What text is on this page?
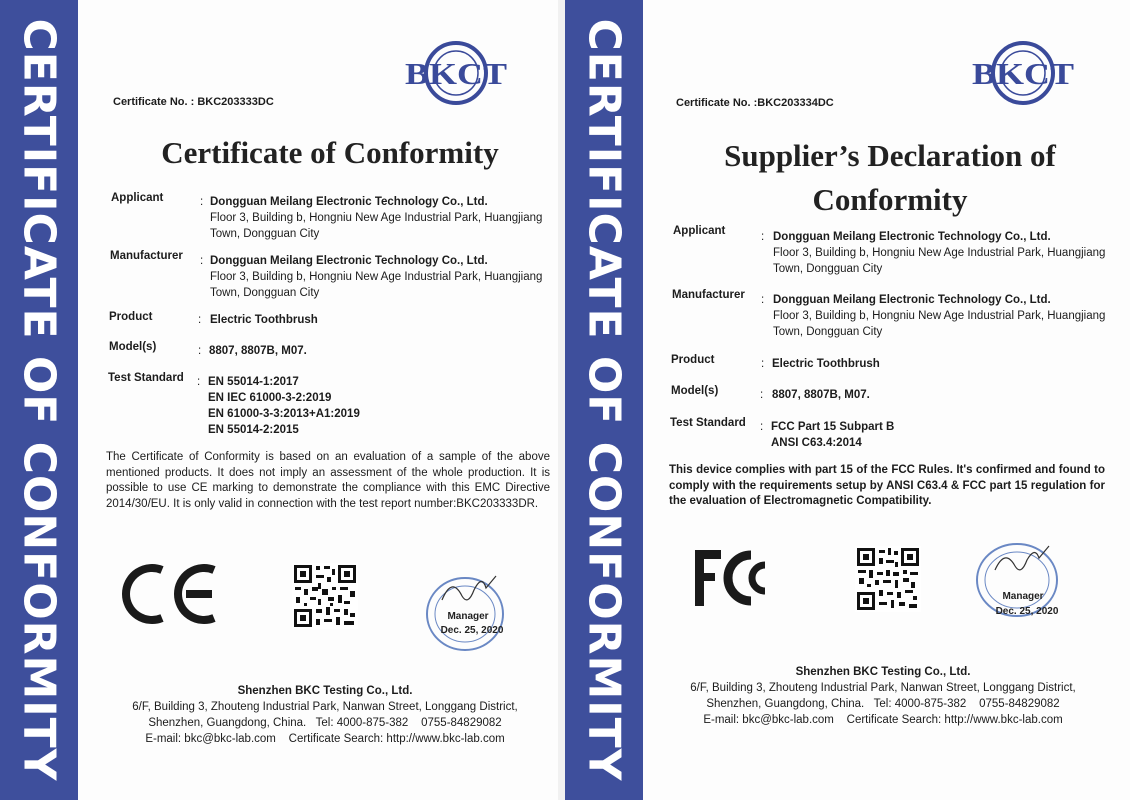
CERTIFICATE OF CONFORMITY	BKCT
Certificate No. : BKC203333DC
Certificate of Conformity
Applicant	: Dongguan Meilang Electronic Technology Co., Ltd.
Floor 3, Building b, Hongniu New Age Industrial Park, Huangjiang
Town, Dongguan City
Manufacturer : Dongguan Meilang Electronic Technology Co., Ltd.
Floor 3, Building b, Hongniu New Age Industrial Park, Huangjiang
Town, Dongguan City
Product	: Electric Toothbrush
Model(s)	: 8807, 8807B, M07.
Test Standard : EN 55014-1:2017
EN IEC 61000-3-2:2019
EN 61000-3-3:2013+A1:2019
EN 55014-2:2015
The Certificate of Conformity is based on an evaluation of a sample of the above mentioned products. It does not imply an assessment of the whole production. It is possible to use CE marking to demonstrate the compliance with this EMC Directive 2014/30/EU. It is only valid in connection with the test report number:BKC203333DR.
CE
Manager
Dec. 25, 2020
Shenzhen BKC Testing Co., Ltd.
6/F, Building 3, Zhouteng Industrial Park, Nanwan Street, Longgang District,
Shenzhen, Guangdong, China.   Tel: 4000-875-382    0755-84829082
E-mail: bkc@bkc-lab.com    Certificate Search: http://www.bkc-lab.com	CERTIFICATE OF CONFORMITY	BKCT
Certificate No. :BKC203334DC
Supplier’s Declaration of
Conformity
Applicant	: Dongguan Meilang Electronic Technology Co., Ltd.
Floor 3, Building b, Hongniu New Age Industrial Park, Huangjiang
Town, Dongguan City
Manufacturer : Dongguan Meilang Electronic Technology Co., Ltd.
Floor 3, Building b, Hongniu New Age Industrial Park, Huangjiang
Town, Dongguan City
Product	: Electric Toothbrush
Model(s)	: 8807, 8807B, M07.
Test Standard : FCC Part 15 Subpart B
ANSI C63.4:2014
This device complies with part 15 of the FCC Rules. It's confirmed and found to comply with the requirements setup by ANSI C63.4 & FCC part 15 regulation for the evaluation of Electromagnetic Compatibility.
FC
Manager
Dec. 25, 2020
Shenzhen BKC Testing Co., Ltd.
6/F, Building 3, Zhouteng Industrial Park, Nanwan Street, Longgang District,
Shenzhen, Guangdong, China.   Tel: 4000-875-382    0755-84829082
E-mail: bkc@bkc-lab.com    Certificate Search: http://www.bkc-lab.com
